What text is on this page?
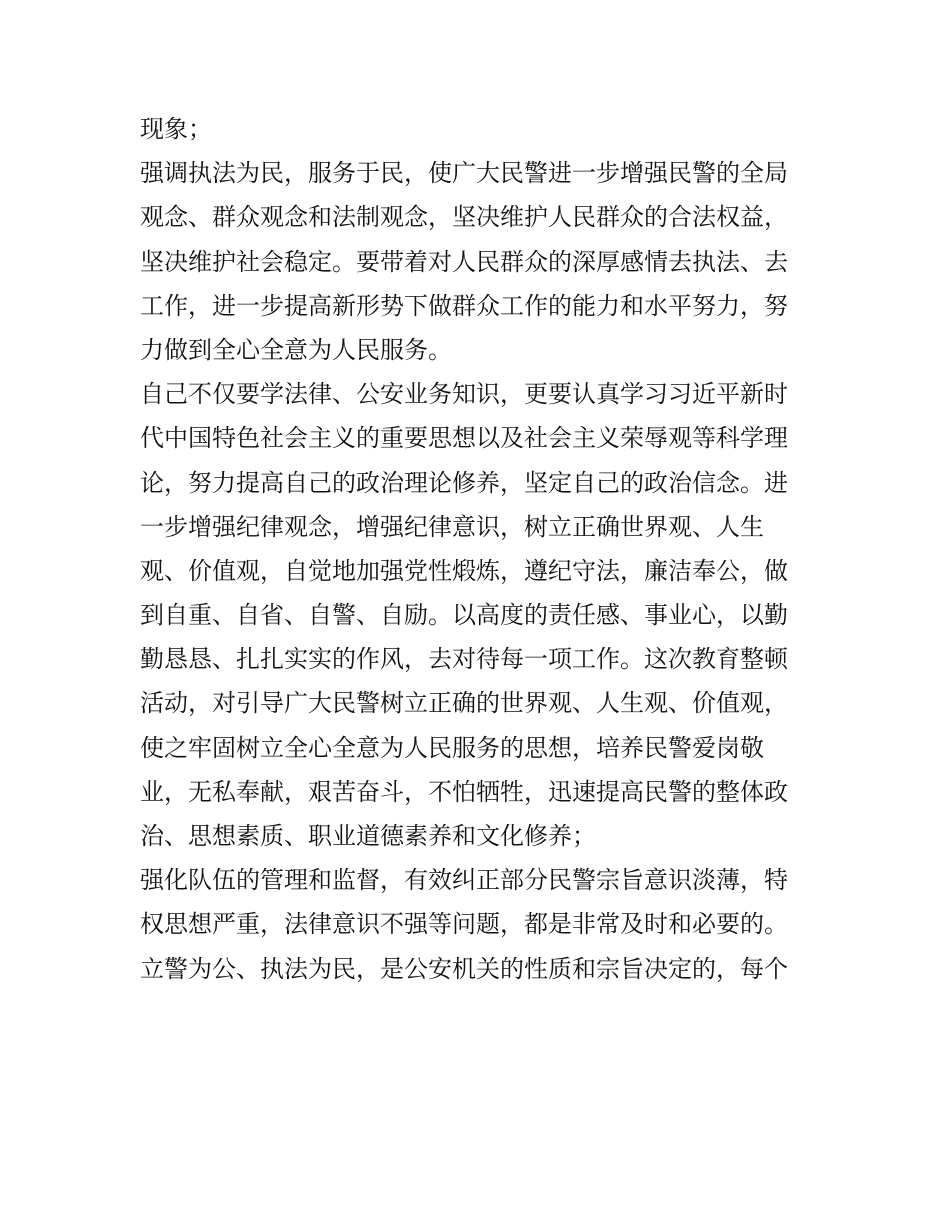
现象；
强调执法为民，服务于民，使广大民警进一步增强民警的全局
观念、群众观念和法制观念，坚决维护人民群众的合法权益，
坚决维护社会稳定。要带着对人民群众的深厚感情去执法、去
工作，进一步提高新形势下做群众工作的能力和水平努力，努
力做到全心全意为人民服务。
自己不仅要学法律、公安业务知识，更要认真学习习近平新时
代中国特色社会主义的重要思想以及社会主义荣辱观等科学理
论，努力提高自己的政治理论修养，坚定自己的政治信念。进
一步增强纪律观念，增强纪律意识，树立正确世界观、人生
观、价值观，自觉地加强党性煅炼，遵纪守法，廉洁奉公，做
到自重、自省、自警、自励。以高度的责任感、事业心，以勤
勤恳恳、扎扎实实的作风，去对待每一项工作。这次教育整顿
活动，对引导广大民警树立正确的世界观、人生观、价值观，
使之牢固树立全心全意为人民服务的思想，培养民警爱岗敬
业，无私奉献，艰苦奋斗，不怕牺牲，迅速提高民警的整体政
治、思想素质、职业道德素养和文化修养；
强化队伍的管理和监督，有效纠正部分民警宗旨意识淡薄，特
权思想严重，法律意识不强等问题，都是非常及时和必要的。
立警为公、执法为民，是公安机关的性质和宗旨决定的，每个
